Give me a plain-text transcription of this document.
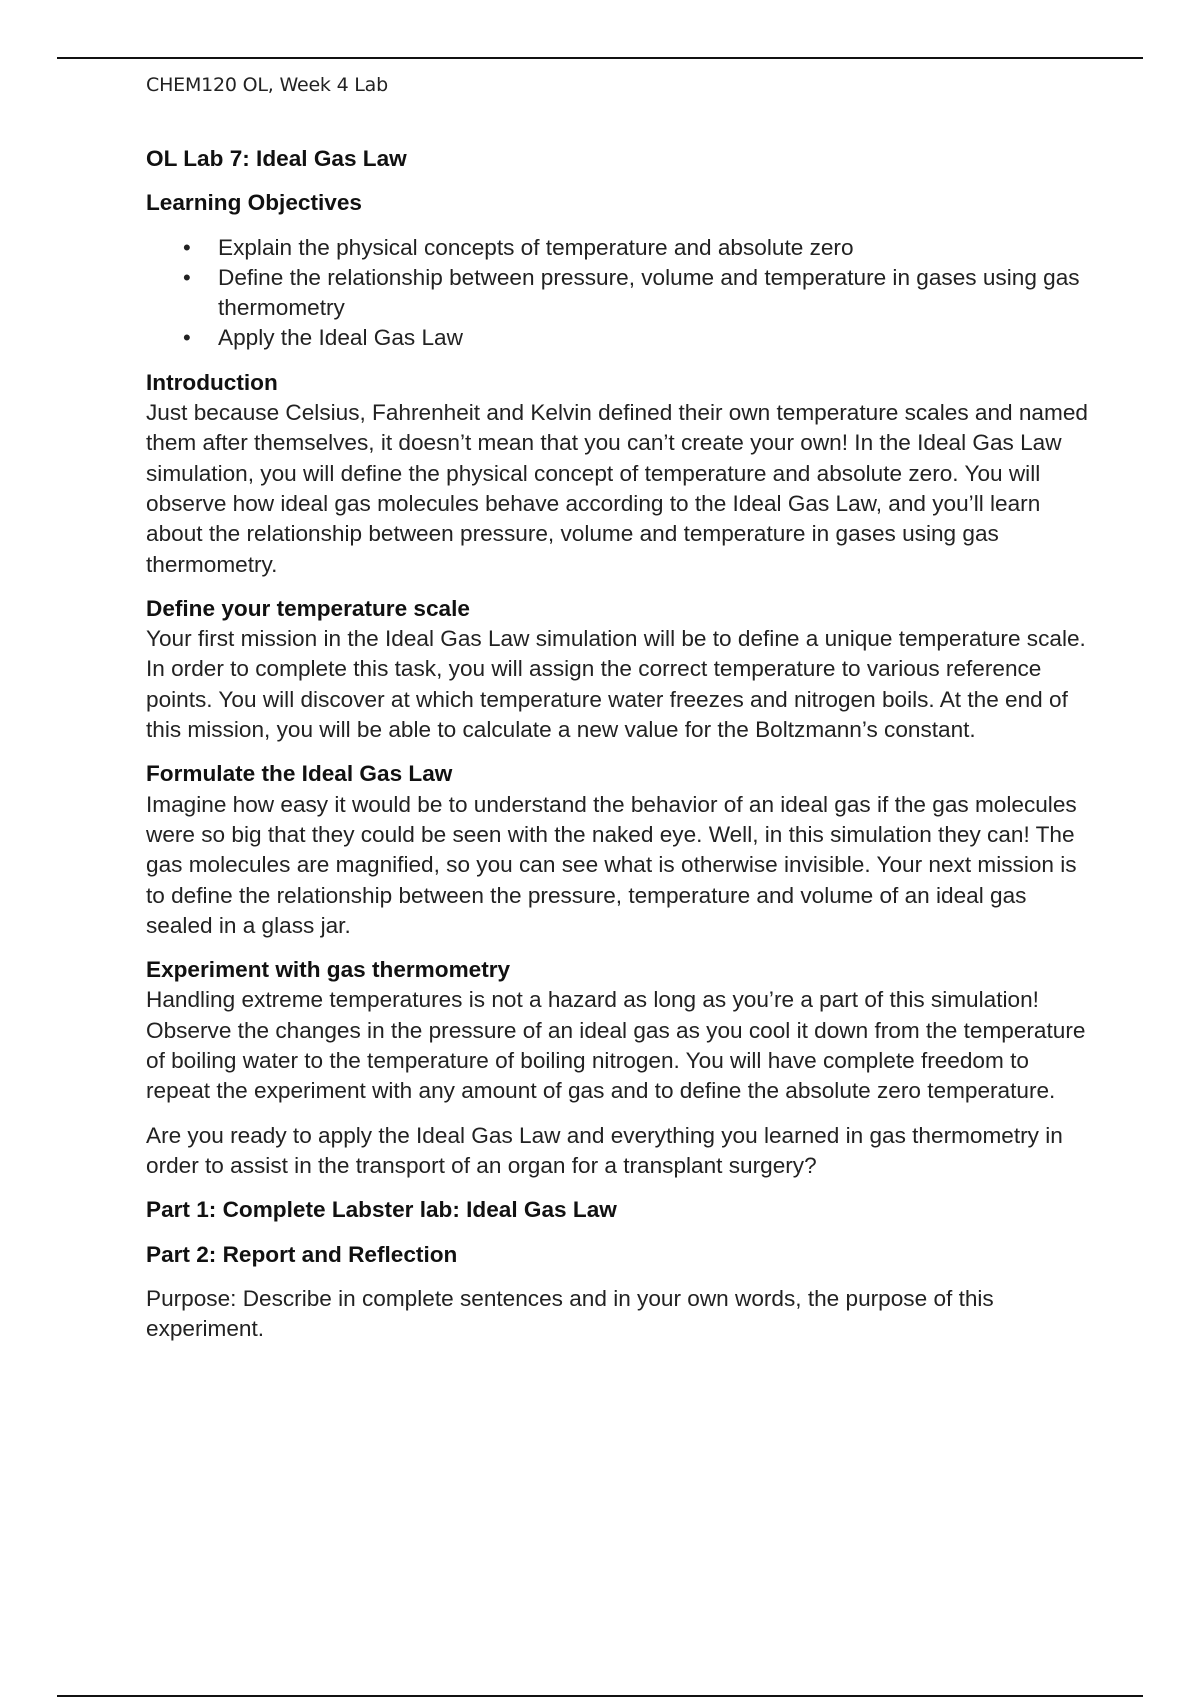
CHEM120 OL, Week 4 Lab
OL Lab 7: Ideal Gas Law
Learning Objectives
• Explain the physical concepts of temperature and absolute zero
• Define the relationship between pressure, volume and temperature in gases using gas thermometry
• Apply the Ideal Gas Law
Introduction
Just because Celsius, Fahrenheit and Kelvin defined their own temperature scales and named them after themselves, it doesn’t mean that you can’t create your own! In the Ideal Gas Law simulation, you will define the physical concept of temperature and absolute zero. You will observe how ideal gas molecules behave according to the Ideal Gas Law, and you’ll learn about the relationship between pressure, volume and temperature in gases using gas thermometry.
Define your temperature scale
Your first mission in the Ideal Gas Law simulation will be to define a unique temperature scale. In order to complete this task, you will assign the correct temperature to various reference points. You will discover at which temperature water freezes and nitrogen boils. At the end of this mission, you will be able to calculate a new value for the Boltzmann’s constant.
Formulate the Ideal Gas Law
Imagine how easy it would be to understand the behavior of an ideal gas if the gas molecules were so big that they could be seen with the naked eye. Well, in this simulation they can! The gas molecules are magnified, so you can see what is otherwise invisible. Your next mission is to define the relationship between the pressure, temperature and volume of an ideal gas sealed in a glass jar.
Experiment with gas thermometry
Handling extreme temperatures is not a hazard as long as you’re a part of this simulation! Observe the changes in the pressure of an ideal gas as you cool it down from the temperature of boiling water to the temperature of boiling nitrogen. You will have complete freedom to repeat the experiment with any amount of gas and to define the absolute zero temperature.
Are you ready to apply the Ideal Gas Law and everything you learned in gas thermometry in order to assist in the transport of an organ for a transplant surgery?
Part 1: Complete Labster lab: Ideal Gas Law
Part 2: Report and Reflection
Purpose: Describe in complete sentences and in your own words, the purpose of this experiment.
